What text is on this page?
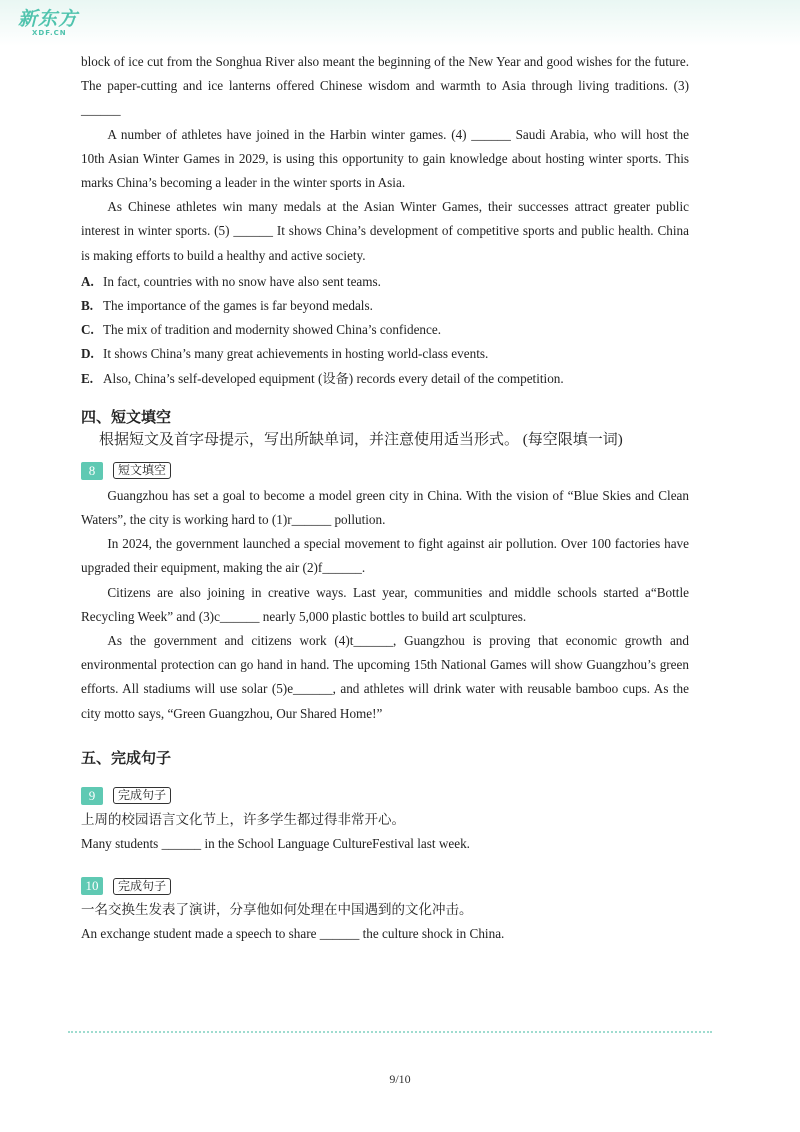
新东方
XDF.CN

block of ice cut from the Songhua River also meant the beginning of the New Year and good wishes for the future. The paper-cutting and ice lanterns offered Chinese wisdom and warmth to Asia through living traditions. (3) ______

A number of athletes have joined in the Harbin winter games. (4) ______ Saudi Arabia, who will host the 10th Asian Winter Games in 2029, is using this opportunity to gain knowledge about hosting winter sports. This marks China’s becoming a leader in the winter sports in Asia.

As Chinese athletes win many medals at the Asian Winter Games, their successes attract greater public interest in winter sports. (5) ______ It shows China’s development of competitive sports and public health. China is making efforts to build a healthy and active society.

A. In fact, countries with no snow have also sent teams.

B. The importance of the games is far beyond medals.

C. The mix of tradition and modernity showed China’s confidence.

D. It shows China’s many great achievements in hosting world-class events.

E. Also, China’s self-developed equipment (设备) records every detail of the competition.

四、短文填空

根据短文及首字母提示，写出所缺单词，并注意使用适当形式。 (每空限填一词)

8	短文填空

Guangzhou has set a goal to become a model green city in China. With the vision of “Blue Skies and Clean Waters”, the city is working hard to (1)r______ pollution.

In 2024, the government launched a special movement to fight against air pollution. Over 100 factories have upgraded their equipment, making the air (2)f______.

Citizens are also joining in creative ways. Last year, communities and middle schools started a“Bottle Recycling Week” and (3)c______ nearly 5,000 plastic bottles to build art sculptures.

As the government and citizens work (4)t______, Guangzhou is proving that economic growth and environmental protection can go hand in hand. The upcoming 15th National Games will show Guangzhou’s green efforts. All stadiums will use solar (5)e______, and athletes will drink water with reusable bamboo cups. As the city motto says, “Green Guangzhou, Our Shared Home!”

五、完成句子

9	完成句子

上周的校园语言文化节上，许多学生都过得非常开心。

Many students ______ in the School Language CultureFestival last week.

10	完成句子

一名交换生发表了演讲，分享他如何处理在中国遇到的文化冲击。

An exchange student made a speech to share ______ the culture shock in China.

9/10
